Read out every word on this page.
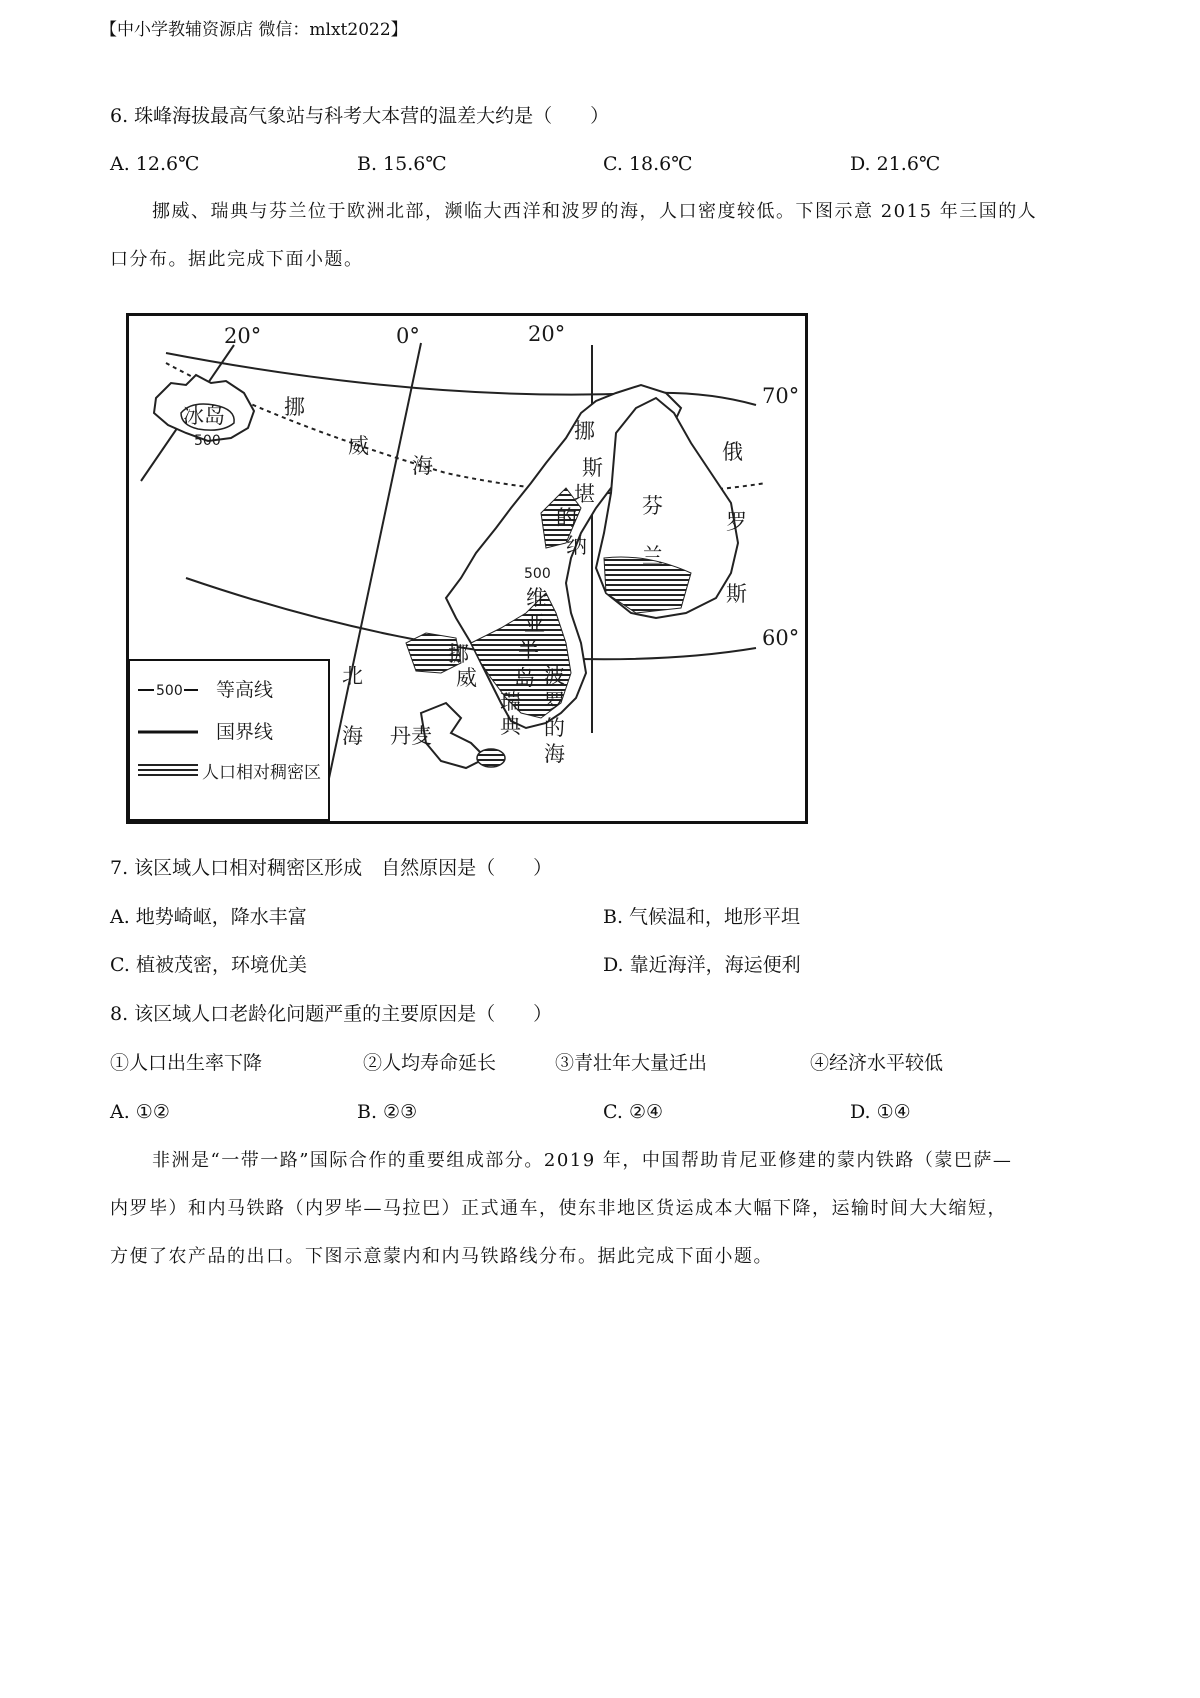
【中小学教辅资源店 微信：mlxt2022】
6. 珠峰海拔最高气象站与科考大本营的温差大约是（　　）
A. 12.6℃	B. 15.6℃	C. 18.6℃	D. 21.6℃
挪威、瑞典与芬兰位于欧洲北部，濒临大西洋和波罗的海，人口密度较低。下图示意 2015 年三国的人
口分布。据此完成下面小题。
20°	0°	20°
70°
60°
冰岛
500
挪
威
海
挪
斯
堪
的
纳
500
维
亚
半
岛
芬
兰
俄
罗
斯
挪
威
瑞
典
北
海
波
罗
的
海
丹麦
500 等高线
国界线
人口相对稠密区
7. 该区域人口相对稠密区形成　自然原因是（　　）
A. 地势崎岖，降水丰富	B. 气候温和，地形平坦
C. 植被茂密，环境优美	D. 靠近海洋，海运便利
8. 该区域人口老龄化问题严重的主要原因是（　　）
①人口出生率下降	②人均寿命延长	③青壮年大量迁出	④经济水平较低
A. ①②	B. ②③	C. ②④	D. ①④
非洲是“一带一路”国际合作的重要组成部分。2019 年，中国帮助肯尼亚修建的蒙内铁路（蒙巴萨—
内罗毕）和内马铁路（内罗毕—马拉巴）正式通车，使东非地区货运成本大幅下降，运输时间大大缩短，
方便了农产品的出口。下图示意蒙内和内马铁路线分布。据此完成下面小题。
